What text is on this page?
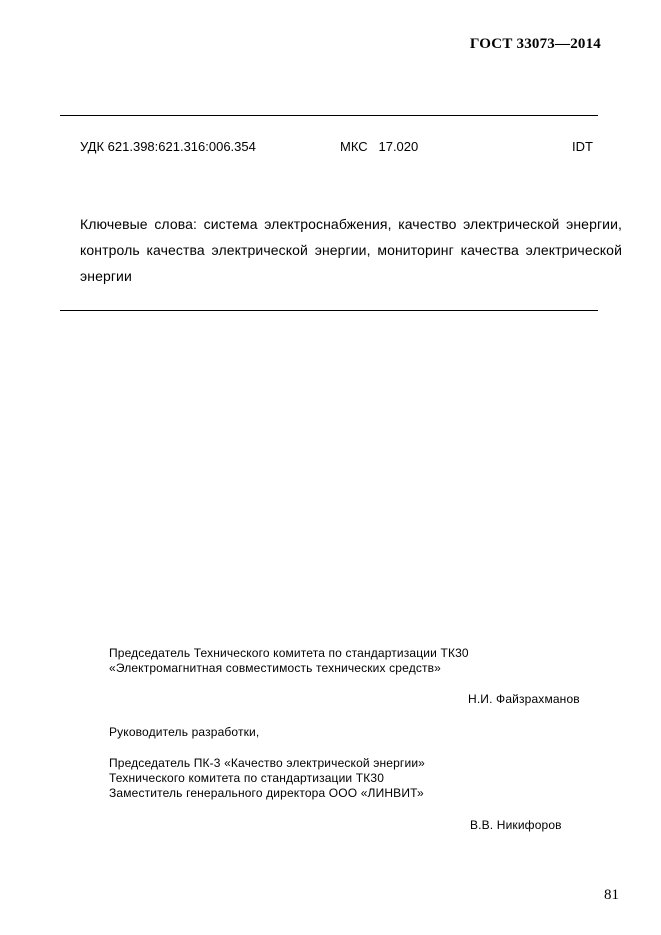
ГОСТ 33073—2014
УДК 621.398:621.316:006.354	МКС   17.020	IDT
Ключевые слова: система электроснабжения, качество электрической энергии, контроль качества электрической энергии, мониторинг качества электрической энергии
Председатель Технического комитета по стандартизации ТК30
«Электромагнитная совместимость технических средств»
Н.И. Файзрахманов
Руководитель разработки,
Председатель ПК-3 «Качество электрической энергии»
Технического комитета по стандартизации ТК30
Заместитель генерального директора ООО «ЛИНВИТ»
В.В. Никифоров
81
